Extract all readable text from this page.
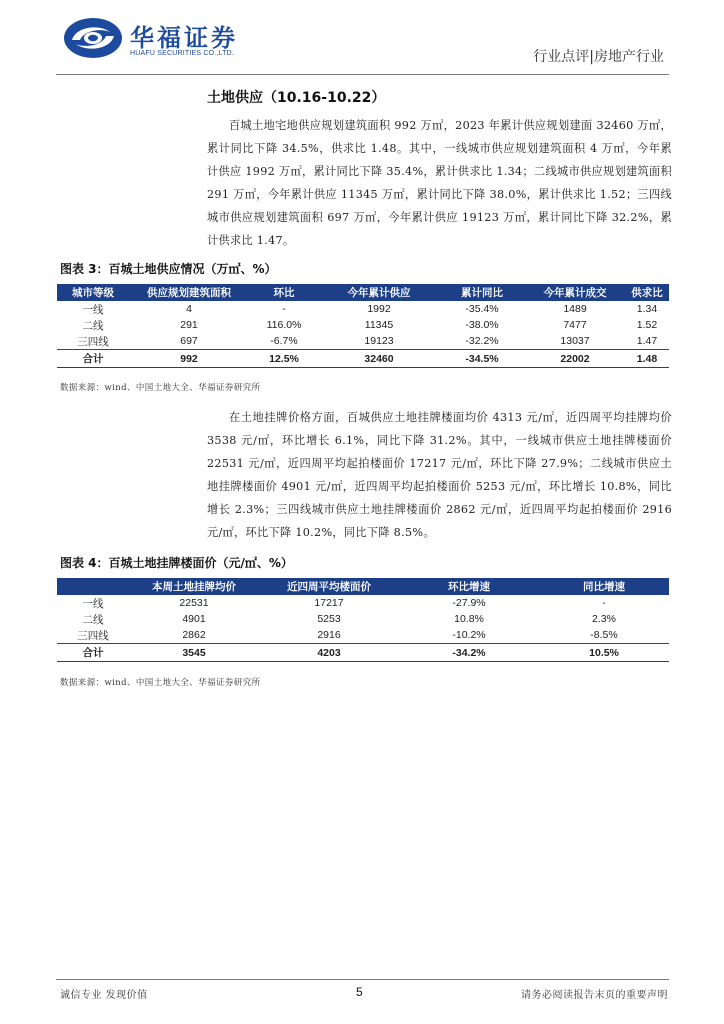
华福证券
HUAFU SECURITIES CO.,LTD.	行业点评|房地产行业
土地供应（10.16-10.22）
百城土地宅地供应规划建筑面积 992 万㎡，2023 年累计供应规划建面 32460 万㎡，累计同比下降 34.5%，供求比 1.48。其中，一线城市供应规划建筑面积 4 万㎡，今年累计供应 1992 万㎡，累计同比下降 35.4%，累计供求比 1.34；二线城市供应规划建筑面积 291 万㎡，今年累计供应 11345 万㎡，累计同比下降 38.0%，累计供求比 1.52；三四线城市供应规划建筑面积 697 万㎡，今年累计供应 19123 万㎡，累计同比下降 32.2%，累计供求比 1.47。
图表 3：百城土地供应情况（万㎡、%）
城市等级	供应规划建筑面积	环比	今年累计供应	累计同比	今年累计成交	供求比
一线	4	-	1992	-35.4%	1489	1.34
二线	291	116.0%	11345	-38.0%	7477	1.52
三四线	697	-6.7%	19123	-32.2%	13037	1.47
合计	992	12.5%	32460	-34.5%	22002	1.48
数据来源：wind、中国土地大全、华福证券研究所
在土地挂牌价格方面，百城供应土地挂牌楼面均价 4313 元/㎡，近四周平均挂牌均价 3538 元/㎡，环比增长 6.1%，同比下降 31.2%。其中，一线城市供应土地挂牌楼面价 22531 元/㎡，近四周平均起拍楼面价 17217 元/㎡，环比下降 27.9%；二线城市供应土地挂牌楼面价 4901 元/㎡，近四周平均起拍楼面价 5253 元/㎡，环比增长 10.8%，同比增长 2.3%；三四线城市供应土地挂牌楼面价 2862 元/㎡，近四周平均起拍楼面价 2916 元/㎡，环比下降 10.2%，同比下降 8.5%。
图表 4：百城土地挂牌楼面价（元/㎡、%）
	本周土地挂牌均价	近四周平均楼面价	环比增速	同比增速
一线	22531	17217	-27.9%	-
二线	4901	5253	10.8%	2.3%
三四线	2862	2916	-10.2%	-8.5%
合计	3545	4203	-34.2%	10.5%
数据来源：wind、中国土地大全、华福证券研究所
诚信专业 发现价值	5	请务必阅读报告末页的重要声明
